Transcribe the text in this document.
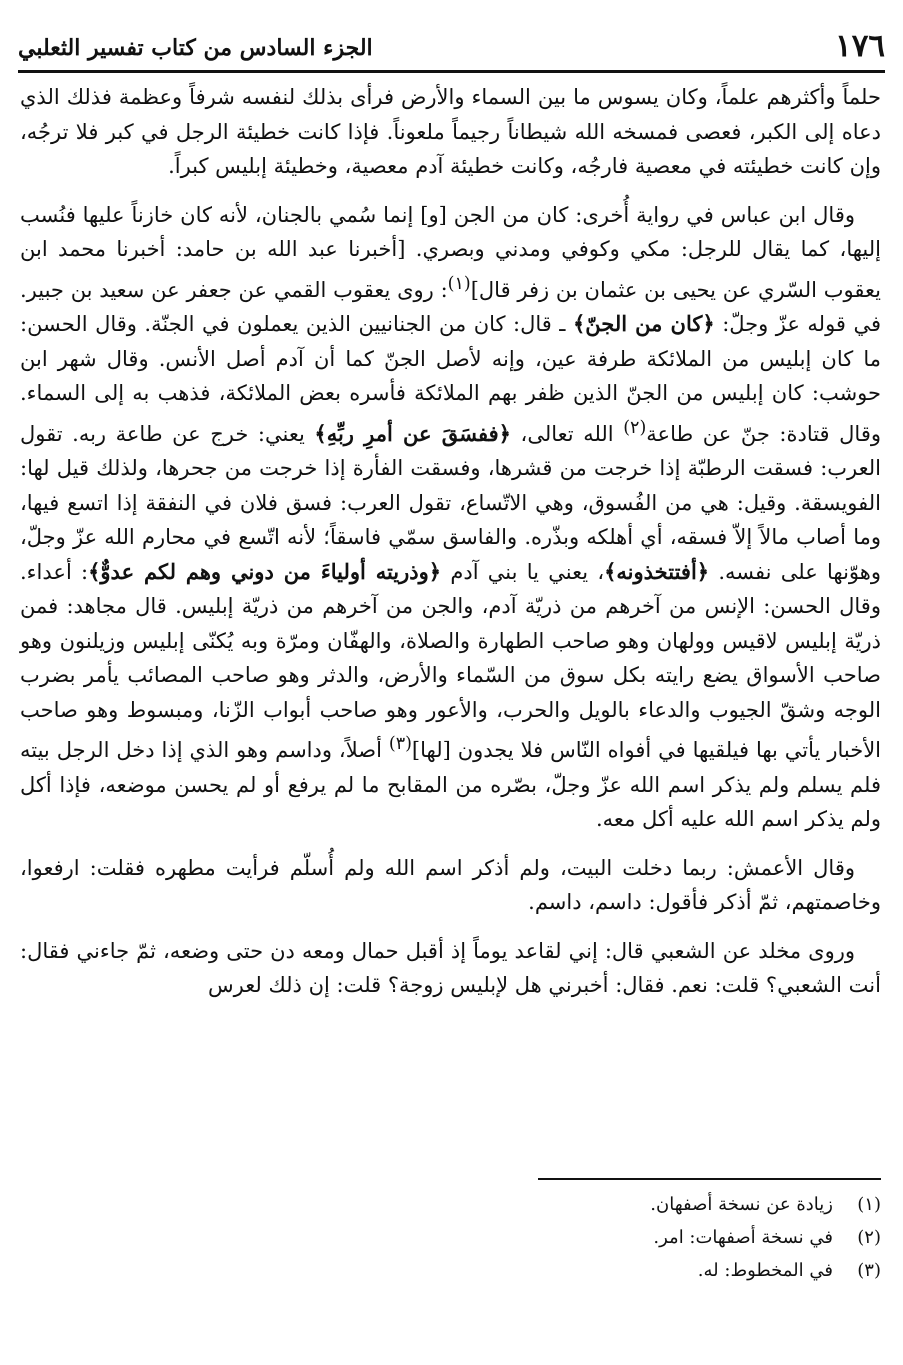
١٧٦
الجزء السادس من كتاب تفسير الثعلبي

حلماً وأكثرهم علماً، وكان يسوس ما بين السماء والأرض فرأى بذلك لنفسه شرفاً وعظمة فذلك الذي دعاه إلى الكبر، فعصى فمسخه الله شيطاناً رجيماً ملعوناً. فإذا كانت خطيئة الرجل في كبر فلا ترجُه، وإن كانت خطيئته في معصية فارجُه، وكانت خطيئة آدم معصية، وخطيئة إبليس كبراً.

وقال ابن عباس في رواية أُخرى: كان من الجن [و] إنما سُمي بالجنان، لأنه كان خازناً عليها فنُسب إليها، كما يقال للرجل: مكي وكوفي ومدني وبصري. [أخبرنا عبد الله بن حامد: أخبرنا محمد ابن يعقوب السّري عن يحيى بن عثمان بن زفر قال]$^{(١)}$: روى يعقوب القمي عن جعفر عن سعيد بن جبير. في قوله عزّ وجلّ: ﴿كان من الجنّ﴾ ـ قال: كان من الجنانيين الذين يعملون في الجنّة. وقال الحسن: ما كان إبليس من الملائكة طرفة عين، وإنه لأصل الجنّ كما أن آدم أصل الأنس. وقال شهر ابن حوشب: كان إبليس من الجنّ الذين ظفر بهم الملائكة فأسره بعض الملائكة، فذهب به إلى السماء. وقال قتادة: جنّ عن طاعة$^{(٢)}$ الله تعالى، ﴿ففسَقَ عن أمرِ ربِّهِ﴾ يعني: خرج عن طاعة ربه. تقول العرب: فسقت الرطبّة إذا خرجت من قشرها، وفسقت الفأرة إذا خرجت من جحرها، ولذلك قيل لها: الفويسقة. وقيل: هي من الفُسوق، وهي الاتّساع، تقول العرب: فسق فلان في النفقة إذا اتسع فيها، وما أصاب مالاً إلاّ فسقه، أي أهلكه وبذّره. والفاسق سمّي فاسقاً؛ لأنه اتّسع في محارم الله عزّ وجلّ، وهوّنها على نفسه. ﴿أفتتخذونه﴾، يعني يا بني آدم ﴿وذريته أولياءَ من دوني وهم لكم عدوٌّ﴾: أعداء. وقال الحسن: الإنس من آخرهم من ذريّة آدم، والجن من آخرهم من ذريّة إبليس. قال مجاهد: فمن ذريّة إبليس لاقيس وولهان وهو صاحب الطهارة والصلاة، والهفّان ومرّة وبه يُكنّى إبليس وزيلنون وهو صاحب الأسواق يضع رايته بكل سوق من السّماء والأرض، والدثر وهو صاحب المصائب يأمر بضرب الوجه وشقّ الجيوب والدعاء بالويل والحرب، والأعور وهو صاحب أبواب الزّنا، ومبسوط وهو صاحب الأخبار يأتي بها فيلقيها في أفواه النّاس فلا يجدون [لها]$^{(٣)}$ أصلاً، وداسم وهو الذي إذا دخل الرجل بيته فلم يسلم ولم يذكر اسم الله عزّ وجلّ، بصّره من المقابح ما لم يرفع أو لم يحسن موضعه، فإذا أكل ولم يذكر اسم الله عليه أكل معه.

وقال الأعمش: ربما دخلت البيت، ولم أذكر اسم الله ولم أُسلّم فرأيت مطهره فقلت: ارفعوا، وخاصمتهم، ثمّ أذكر فأقول: داسم، داسم.

وروى مخلد عن الشعبي قال: إني لقاعد يوماً إذ أقبل حمال ومعه دن حتى وضعه، ثمّ جاءني فقال: أنت الشعبي؟ قلت: نعم. فقال: أخبرني هل لإبليس زوجة؟ قلت: إن ذلك لعرس

(١)
زيادة عن نسخة أصفهان.
(٢)
في نسخة أصفهات: امر.
(٣)
في المخطوط: له.
